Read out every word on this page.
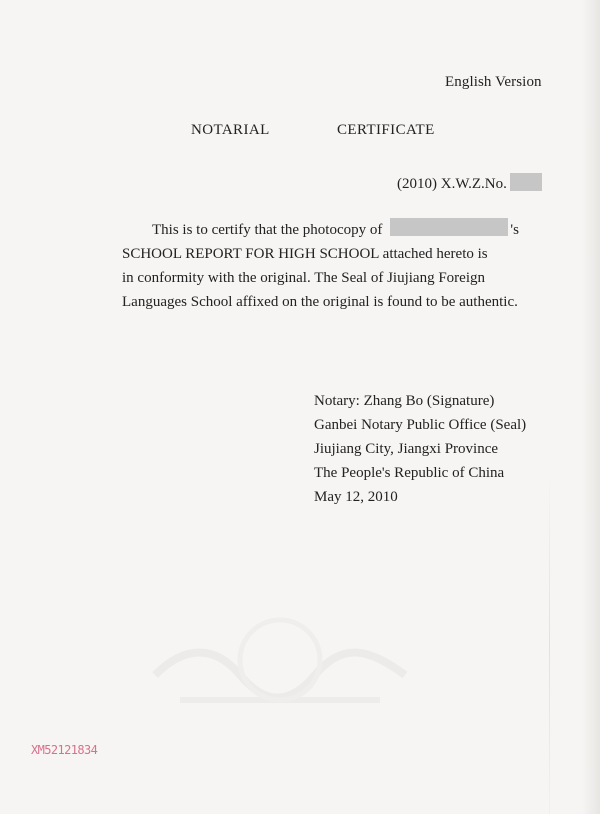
English Version
NOTARIAL	CERTIFICATE
(2010) X.W.Z.No.
This is to certify that the photocopy of	's
SCHOOL REPORT FOR HIGH SCHOOL attached hereto is
in conformity with the original. The Seal of Jiujiang Foreign
Languages School affixed on the original is found to be authentic.
Notary: Zhang Bo (Signature)
Ganbei Notary Public Office (Seal)
Jiujiang City, Jiangxi Province
The People's Republic of China
May 12, 2010
XM52121834
